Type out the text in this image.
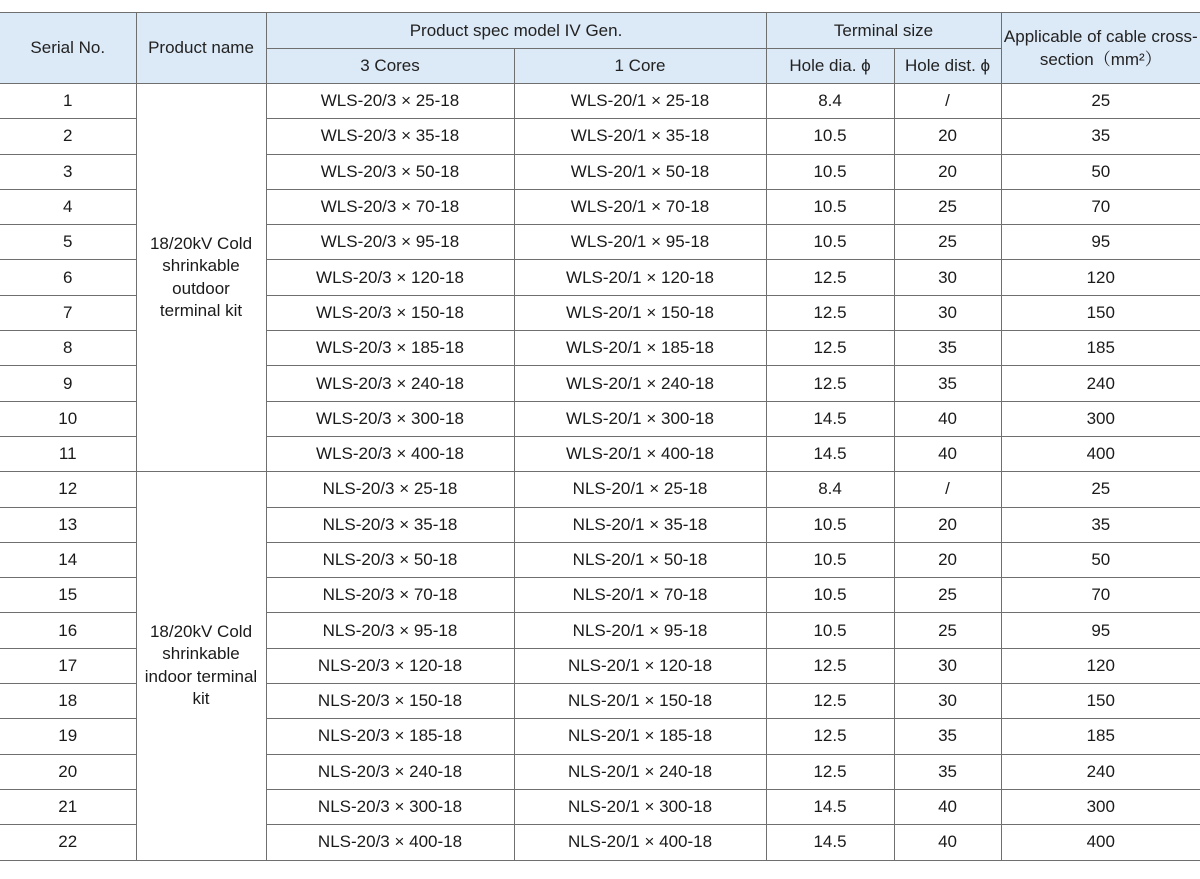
Serial No.	Product name	Product spec model IV Gen.		Terminal size		Applicable of cable cross-section（mm²）
		3 Cores	1 Core	Hole dia. ϕ	Hole dist. ϕ	
1	18/20kV Cold shrinkable outdoor terminal kit	WLS-20/3 × 25-18	WLS-20/1 × 25-18	8.4	/	25
2		WLS-20/3 × 35-18	WLS-20/1 × 35-18	10.5	20	35
3		WLS-20/3 × 50-18	WLS-20/1 × 50-18	10.5	20	50
4		WLS-20/3 × 70-18	WLS-20/1 × 70-18	10.5	25	70
5		WLS-20/3 × 95-18	WLS-20/1 × 95-18	10.5	25	95
6		WLS-20/3 × 120-18	WLS-20/1 × 120-18	12.5	30	120
7		WLS-20/3 × 150-18	WLS-20/1 × 150-18	12.5	30	150
8		WLS-20/3 × 185-18	WLS-20/1 × 185-18	12.5	35	185
9		WLS-20/3 × 240-18	WLS-20/1 × 240-18	12.5	35	240
10		WLS-20/3 × 300-18	WLS-20/1 × 300-18	14.5	40	300
11		WLS-20/3 × 400-18	WLS-20/1 × 400-18	14.5	40	400
12	18/20kV Cold shrinkable indoor terminal kit	NLS-20/3 × 25-18	NLS-20/1 × 25-18	8.4	/	25
13		NLS-20/3 × 35-18	NLS-20/1 × 35-18	10.5	20	35
14		NLS-20/3 × 50-18	NLS-20/1 × 50-18	10.5	20	50
15		NLS-20/3 × 70-18	NLS-20/1 × 70-18	10.5	25	70
16		NLS-20/3 × 95-18	NLS-20/1 × 95-18	10.5	25	95
17		NLS-20/3 × 120-18	NLS-20/1 × 120-18	12.5	30	120
18		NLS-20/3 × 150-18	NLS-20/1 × 150-18	12.5	30	150
19		NLS-20/3 × 185-18	NLS-20/1 × 185-18	12.5	35	185
20		NLS-20/3 × 240-18	NLS-20/1 × 240-18	12.5	35	240
21		NLS-20/3 × 300-18	NLS-20/1 × 300-18	14.5	40	300
22		NLS-20/3 × 400-18	NLS-20/1 × 400-18	14.5	40	400
